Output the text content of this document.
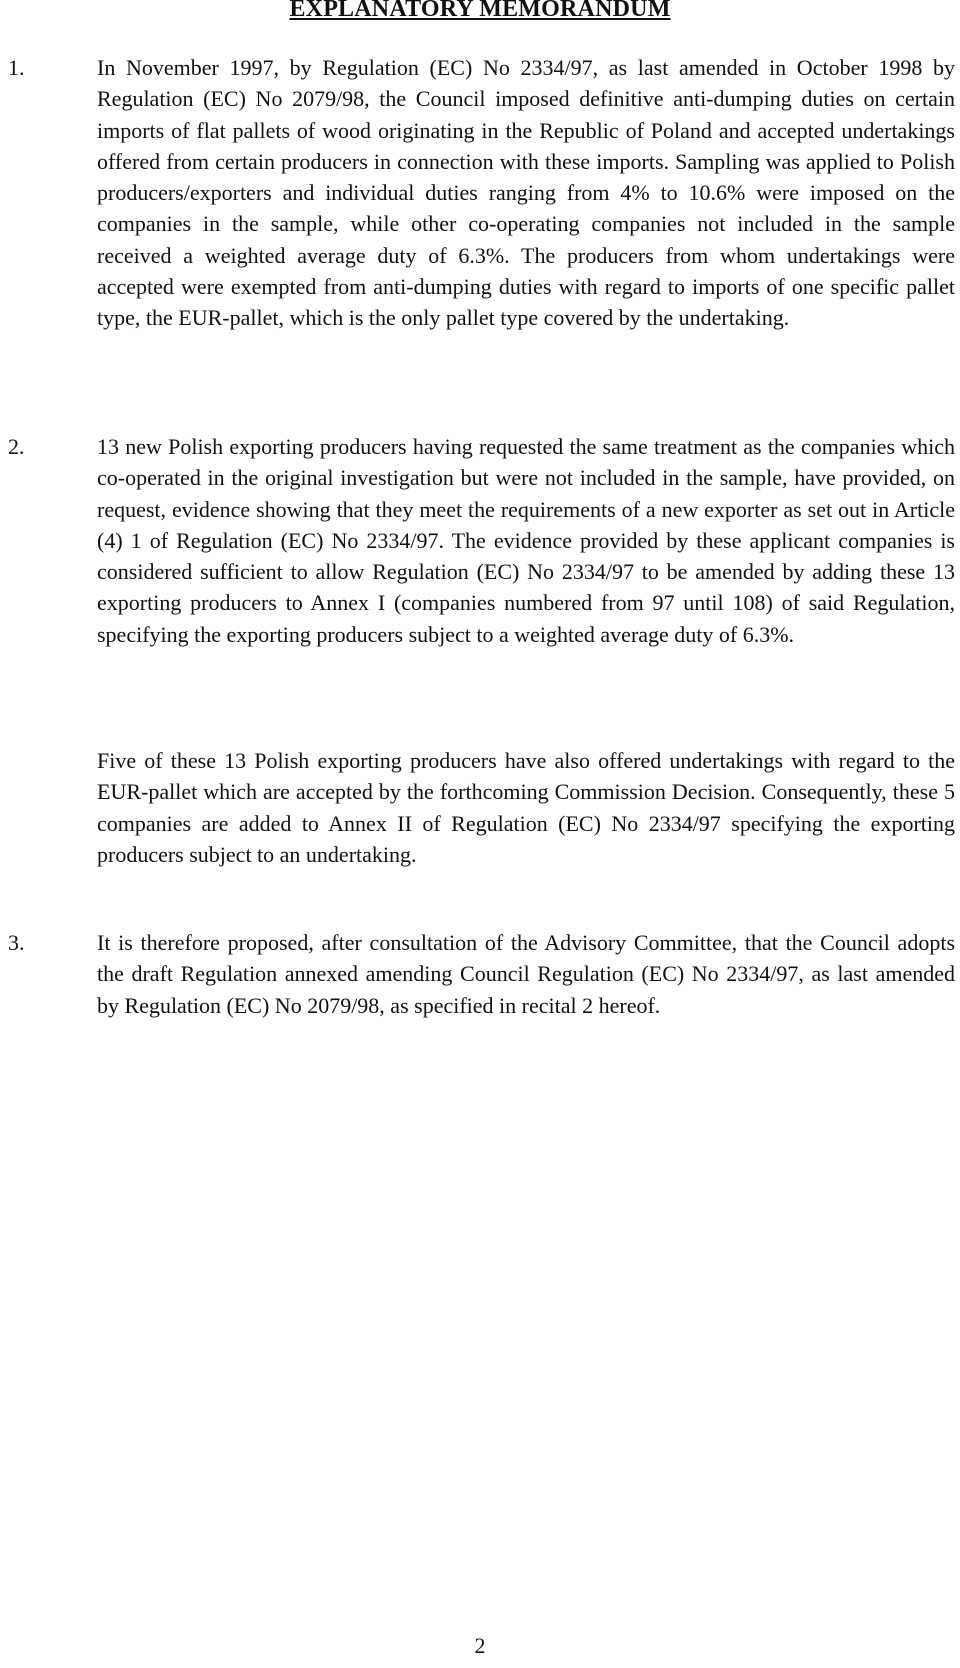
EXPLANATORY MEMORANDUM
1.	In November 1997, by Regulation (EC) No 2334/97, as last amended in October 1998 by Regulation (EC) No 2079/98, the Council imposed definitive anti-dumping duties on certain imports of flat pallets of wood originating in the Republic of Poland and accepted undertakings offered from certain producers in connection with these imports. Sampling was applied to Polish producers/exporters and individual duties ranging from 4% to 10.6% were imposed on the companies in the sample, while other co-operating companies not included in the sample received a weighted average duty of 6.3%. The producers from whom undertakings were accepted were exempted from anti-dumping duties with regard to imports of one specific pallet type, the EUR-pallet, which is the only pallet type covered by the undertaking.
2.	13 new Polish exporting producers having requested the same treatment as the companies which co-operated in the original investigation but were not included in the sample, have provided, on request, evidence showing that they meet the requirements of a new exporter as set out in Article (4) 1 of Regulation (EC) No 2334/97. The evidence provided by these applicant companies is considered sufficient to allow Regulation (EC) No 2334/97 to be amended by adding these 13 exporting producers to Annex I (companies numbered from 97 until 108) of said Regulation, specifying the exporting producers subject to a weighted average duty of 6.3%.
Five of these 13 Polish exporting producers have also offered undertakings with regard to the EUR-pallet which are accepted by the forthcoming Commission Decision. Consequently, these 5 companies are added to Annex II of Regulation (EC) No 2334/97 specifying the exporting producers subject to an undertaking.
3.	It is therefore proposed, after consultation of the Advisory Committee, that the Council adopts the draft Regulation annexed amending Council Regulation (EC) No 2334/97, as last amended by Regulation (EC) No 2079/98, as specified in recital 2 hereof.
2
